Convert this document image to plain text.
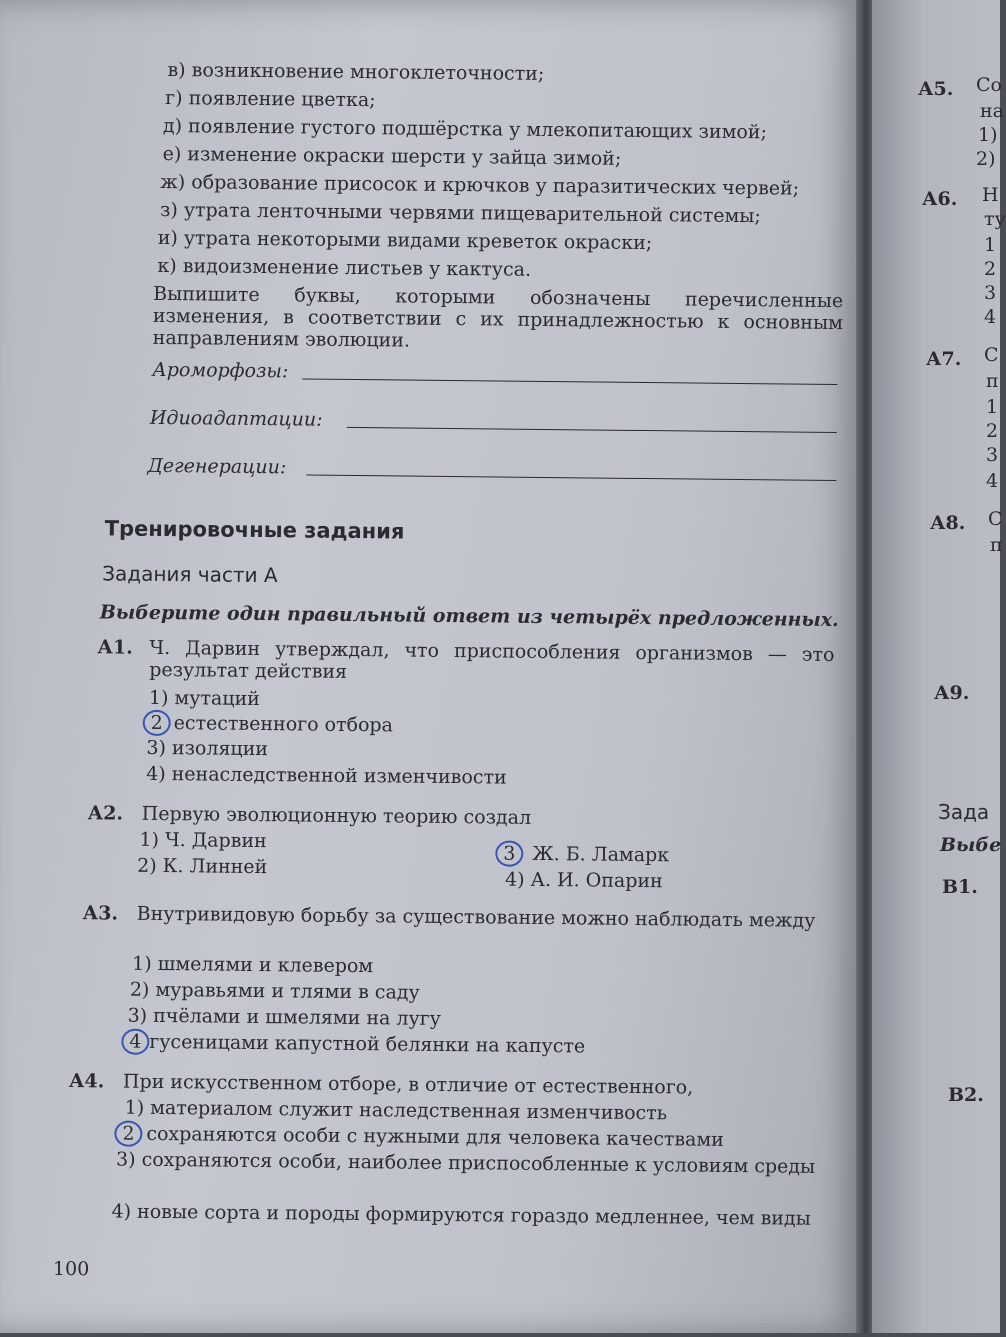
в) возникновение многоклеточности;
г) появление цветка;
д) появление густого подшёрстка у млекопитающих зимой;
е) изменение окраски шерсти у зайца зимой;
ж) образование присосок и крючков у паразитических червей;
з) утрата ленточными червями пищеварительной системы;
и) утрата некоторыми видами креветок окраски;
к) видоизменение листьев у кактуса.
Выпишите буквы, которыми обозначены перечисленные изменения, в соответствии с их принадлежностью к основным направлениям эволюции.
Ароморфозы:
Идиоадаптации:
Дегенерации:
Тренировочные задания
Задания части А
Выберите один правильный ответ из четырёх предложенных.
А1. Ч. Дарвин утверждал, что приспособления организмов — это результат действия
1) мутаций
2 естественного отбора
3) изоляции
4) ненаследственной изменчивости
А2. Первую эволюционную теорию создал
1) Ч. Дарвин
2) К. Линней
3 Ж. Б. Ламарк
4) А. И. Опарин
А3. Внутривидовую борьбу за существование можно наблюдать между
1) шмелями и клевером
2) муравьями и тлями в саду
3) пчёлами и шмелями на лугу
4 гусеницами капустной белянки на капусте
А4. При искусственном отборе, в отличие от естественного,
1) материалом служит наследственная изменчивость
2 сохраняются особи с нужными для человека качествами
3) сохраняются особи, наиболее приспособленные к условиям среды
4) новые сорта и породы формируются гораздо медленнее, чем виды
100
А5. Со
на
1)
2)
А6. Н
ту
1
2
3
4
А7. С
п
1
2
3
4
А8. С
п
А9.
Зада
Выбе
В1.
В2.
